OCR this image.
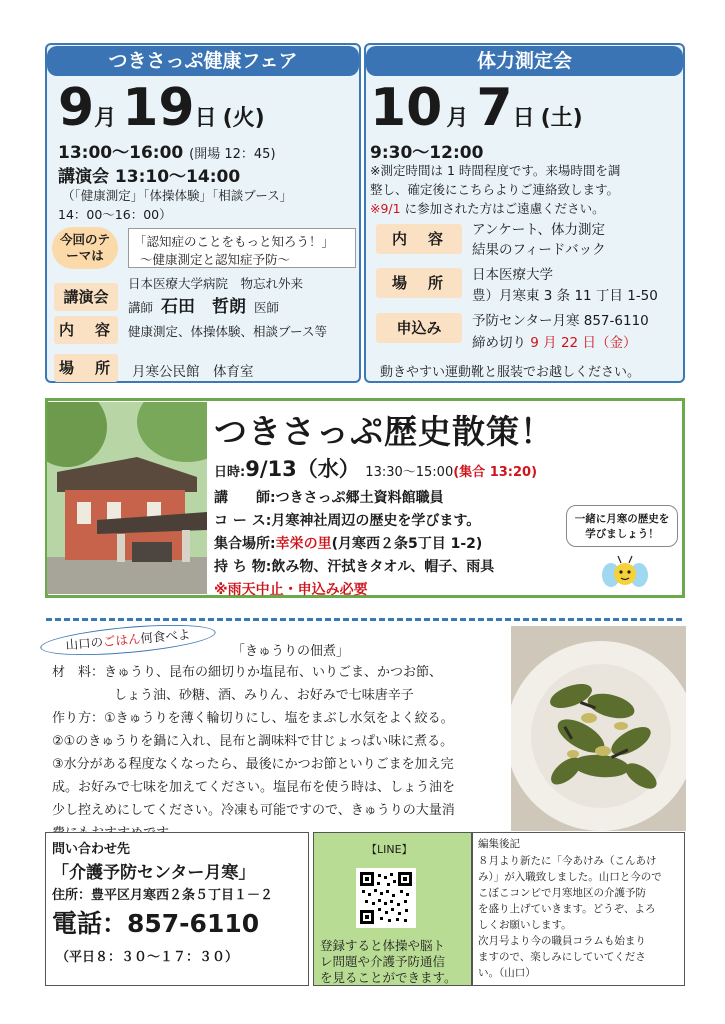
つきさっぷ健康フェア
9月 19日 (火)
13:00〜16:00 (開場 12：45)
講演会 13:10〜14:00
（「健康測定」「体操体験」「相談ブース」
14：00〜16：00）
今回のテーマは
「認知症のことをもっと知ろう！」
〜健康測定と認知症予防〜
講演会
日本医療大学病院　物忘れ外来
講師 石田　哲朗 医師
内　容	健康測定、体操体験、相談ブース等
場　所	月寒公民館　体育室
体力測定会
10 月 7日 (土)
9:30〜12:00
※測定時間は 1 時間程度です。来場時間を調
整し、確定後にこちらよりご連絡致します。
※9/1 に参加された方はご遠慮ください。
内　容	アンケート、体力測定
結果のフィードバック
場　所	日本医療大学
豊）月寒東 3 条 11 丁目 1-50
申込み	予防センター月寒 857-6110
締め切り 9 月 22 日（金）
動きやすい運動靴と服装でお越しください。
つきさっぷ歴史散策！
日時:9/13（水） 13:30〜15:00(集合 13:20)
講　　師:つきさっぷ郷土資料館職員
コ ー ス:月寒神社周辺の歴史を学びます。
集合場所:幸栄の里(月寒西２条5丁目 1-2)
持 ち 物:飲み物、汗拭きタオル、帽子、雨具
※雨天中止・申込み必要
一緒に月寒の歴史を
学びましょう！
山口のごはん何食べよ
「きゅうりの佃煮」
材　料：きゅうり、昆布の細切りか塩昆布、いりごま、かつお節、
しょう油、砂糖、酒、みりん、お好みで七味唐辛子
作り方：①きゅうりを薄く輪切りにし、塩をまぶし水気をよく絞る。
②①のきゅうりを鍋に入れ、昆布と調味料で甘じょっぱい味に煮る。
③水分がある程度なくなったら、最後にかつお節といりごまを加え完
成。お好みで七味を加えてください。塩昆布を使う時は、しょう油を
少し控えめにしてください。冷凍も可能ですので、きゅうりの大量消
問い合わせ先
「介護予防センター月寒」
住所：豊平区月寒西２条５丁目１－２
電話：857-6110
（平日８：３０〜１７：３０）
【LINE】
登録すると体操や脳ト
レ問題や介護予防通信
を見ることができます。
編集後記
８月より新たに「今あけみ（こんあけ
み）」が入職致しました。山口と今ので
こぼこコンビで月寒地区の介護予防
を盛り上げていきます。どうぞ、よろ
しくお願いします。
次月号より今の職員コラムも始まり
ますので、楽しみにしていてくださ
い。（山口）
